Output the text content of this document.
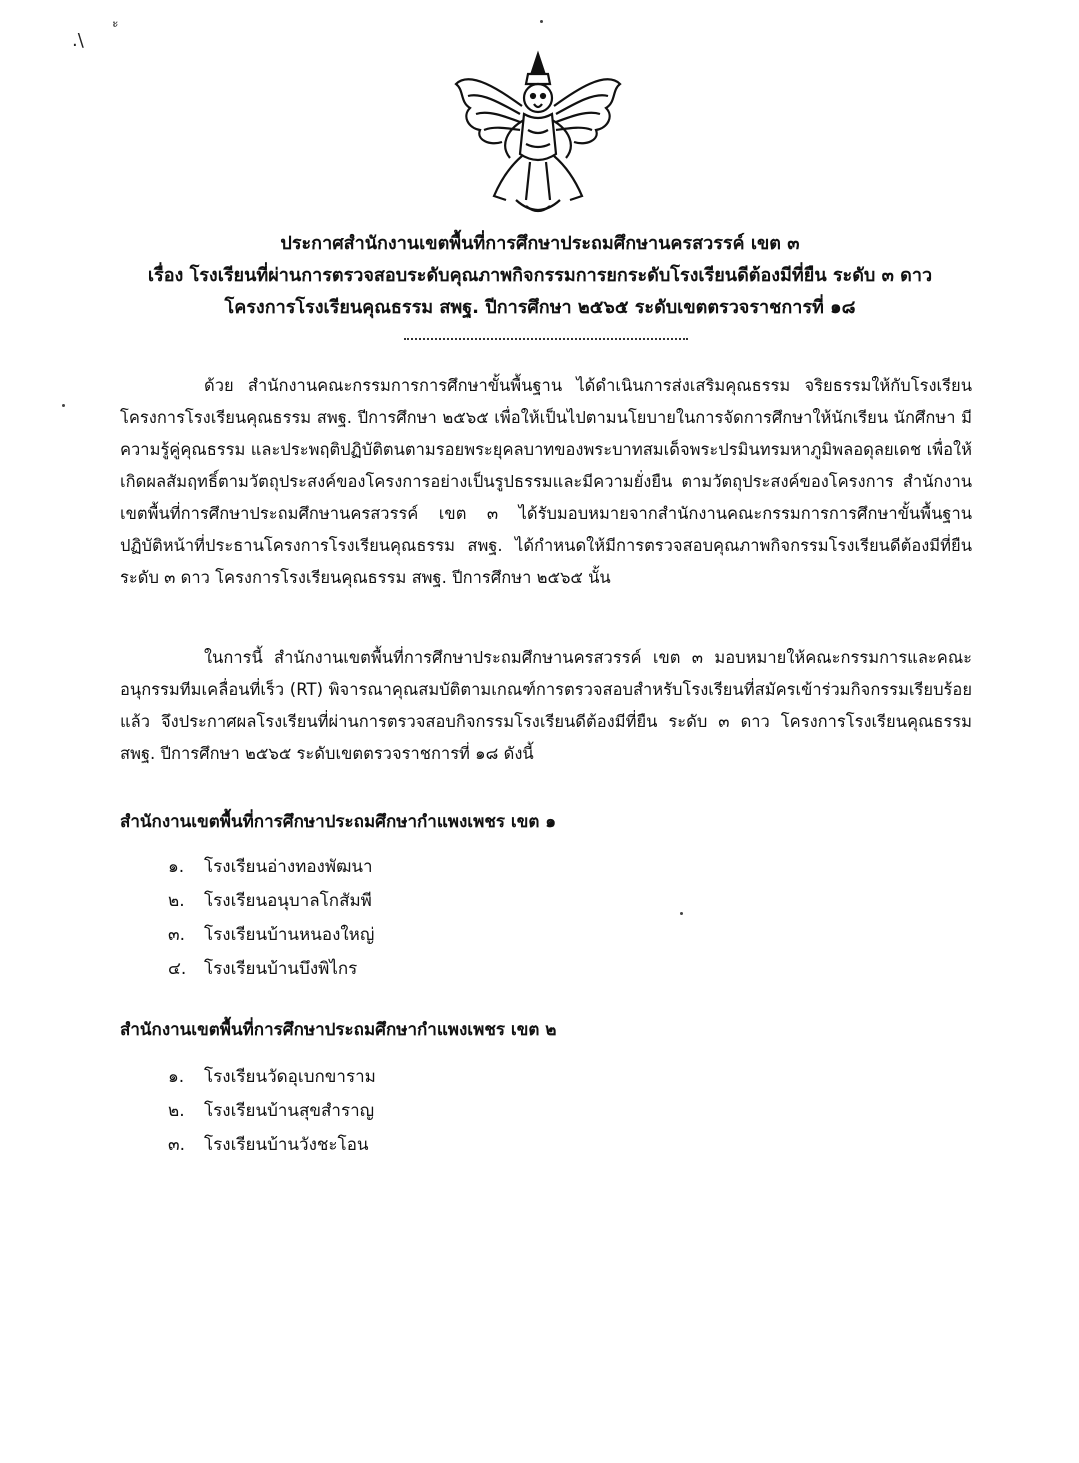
.\
ะ
ประกาศสำนักงานเขตพื้นที่การศึกษาประถมศึกษานครสวรรค์ เขต ๓
เรื่อง โรงเรียนที่ผ่านการตรวจสอบระดับคุณภาพกิจกรรมการยกระดับโรงเรียนดีต้องมีที่ยืน ระดับ ๓ ดาว
โครงการโรงเรียนคุณธรรม สพฐ. ปีการศึกษา ๒๕๖๕ ระดับเขตตรวจราชการที่ ๑๘

ด้วย สำนักงานคณะกรรมการการศึกษาขั้นพื้นฐาน ได้ดำเนินการส่งเสริมคุณธรรม จริยธรรมให้กับโรงเรียนโครงการโรงเรียนคุณธรรม สพฐ. ปีการศึกษา ๒๕๖๕ เพื่อให้เป็นไปตามนโยบายในการจัดการศึกษาให้นักเรียน นักศึกษา มีความรู้คู่คุณธรรม และประพฤติปฏิบัติตนตามรอยพระยุคลบาทของพระบาทสมเด็จพระปรมินทรมหาภูมิพลอดุลยเดช เพื่อให้เกิดผลสัมฤทธิ์ตามวัตถุประสงค์ของโครงการอย่างเป็นรูปธรรมและมีความยั่งยืน ตามวัตถุประสงค์ของโครงการ สำนักงานเขตพื้นที่การศึกษาประถมศึกษานครสวรรค์ เขต ๓ ได้รับมอบหมายจากสำนักงานคณะกรรมการการศึกษาขั้นพื้นฐาน ปฏิบัติหน้าที่ประธานโครงการโรงเรียนคุณธรรม สพฐ. ได้กำหนดให้มีการตรวจสอบคุณภาพกิจกรรมโรงเรียนดีต้องมีที่ยืนระดับ ๓ ดาว โครงการโรงเรียนคุณธรรม สพฐ. ปีการศึกษา ๒๕๖๕ นั้น

ในการนี้ สำนักงานเขตพื้นที่การศึกษาประถมศึกษานครสวรรค์ เขต ๓ มอบหมายให้คณะกรรมการและคณะอนุกรรมทีมเคลื่อนที่เร็ว (RT) พิจารณาคุณสมบัติตามเกณฑ์การตรวจสอบสำหรับโรงเรียนที่สมัครเข้าร่วมกิจกรรมเรียบร้อยแล้ว จึงประกาศผลโรงเรียนที่ผ่านการตรวจสอบกิจกรรมโรงเรียนดีต้องมีที่ยืน ระดับ ๓ ดาว โครงการโรงเรียนคุณธรรม สพฐ. ปีการศึกษา ๒๕๖๕ ระดับเขตตรวจราชการที่ ๑๘ ดังนี้

สำนักงานเขตพื้นที่การศึกษาประถมศึกษากำแพงเพชร เขต ๑
๑. โรงเรียนอ่างทองพัฒนา
๒. โรงเรียนอนุบาลโกสัมพี
๓. โรงเรียนบ้านหนองใหญ่
๔. โรงเรียนบ้านบึงพิไกร
สำนักงานเขตพื้นที่การศึกษาประถมศึกษากำแพงเพชร เขต ๒
๑. โรงเรียนวัดอุเบกขาราม
๒. โรงเรียนบ้านสุขสำราญ
๓. โรงเรียนบ้านวังชะโอน
